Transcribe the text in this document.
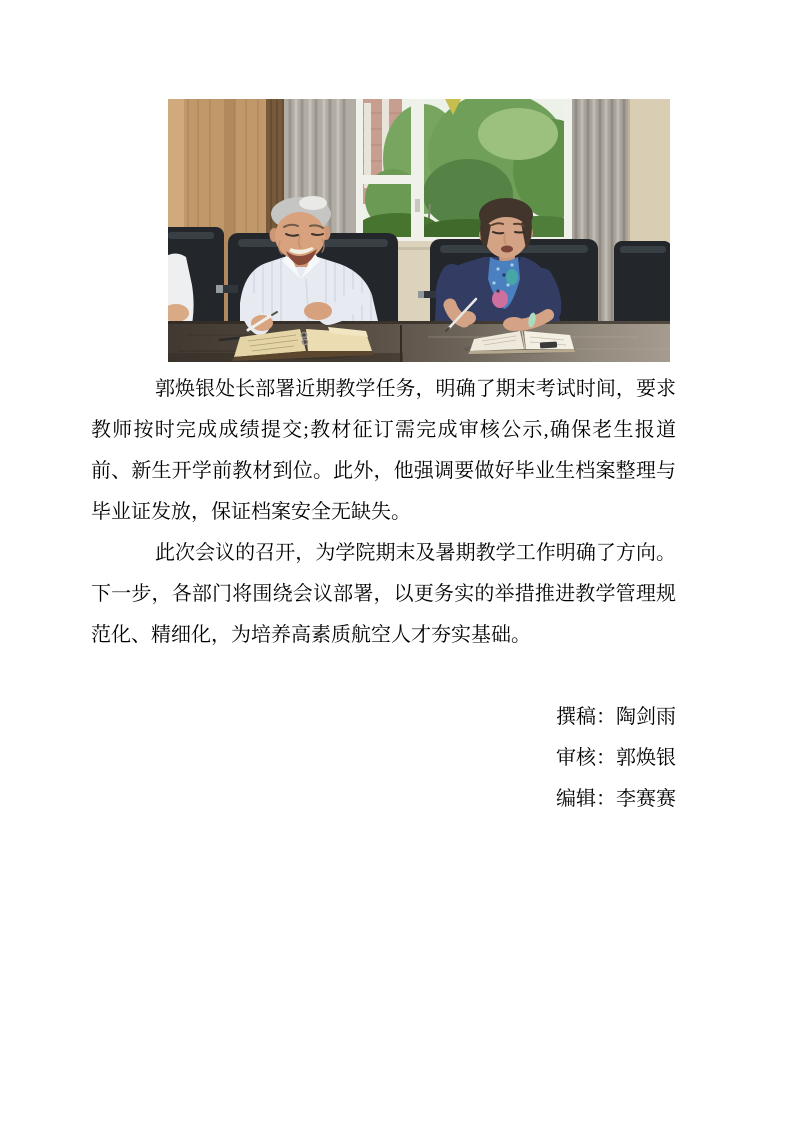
郭焕银处长部署近期教学任务，明确了期末考试时间，要求教师按时完成成绩提交;教材征订需完成审核公示,确保老生报道前、新生开学前教材到位。此外，他强调要做好毕业生档案整理与毕业证发放，保证档案安全无缺失。

此次会议的召开，为学院期末及暑期教学工作明确了方向。下一步，各部门将围绕会议部署，以更务实的举措推进教学管理规范化、精细化，为培养高素质航空人才夯实基础。

撰稿：陶剑雨
审核：郭焕银
编辑：李赛赛
